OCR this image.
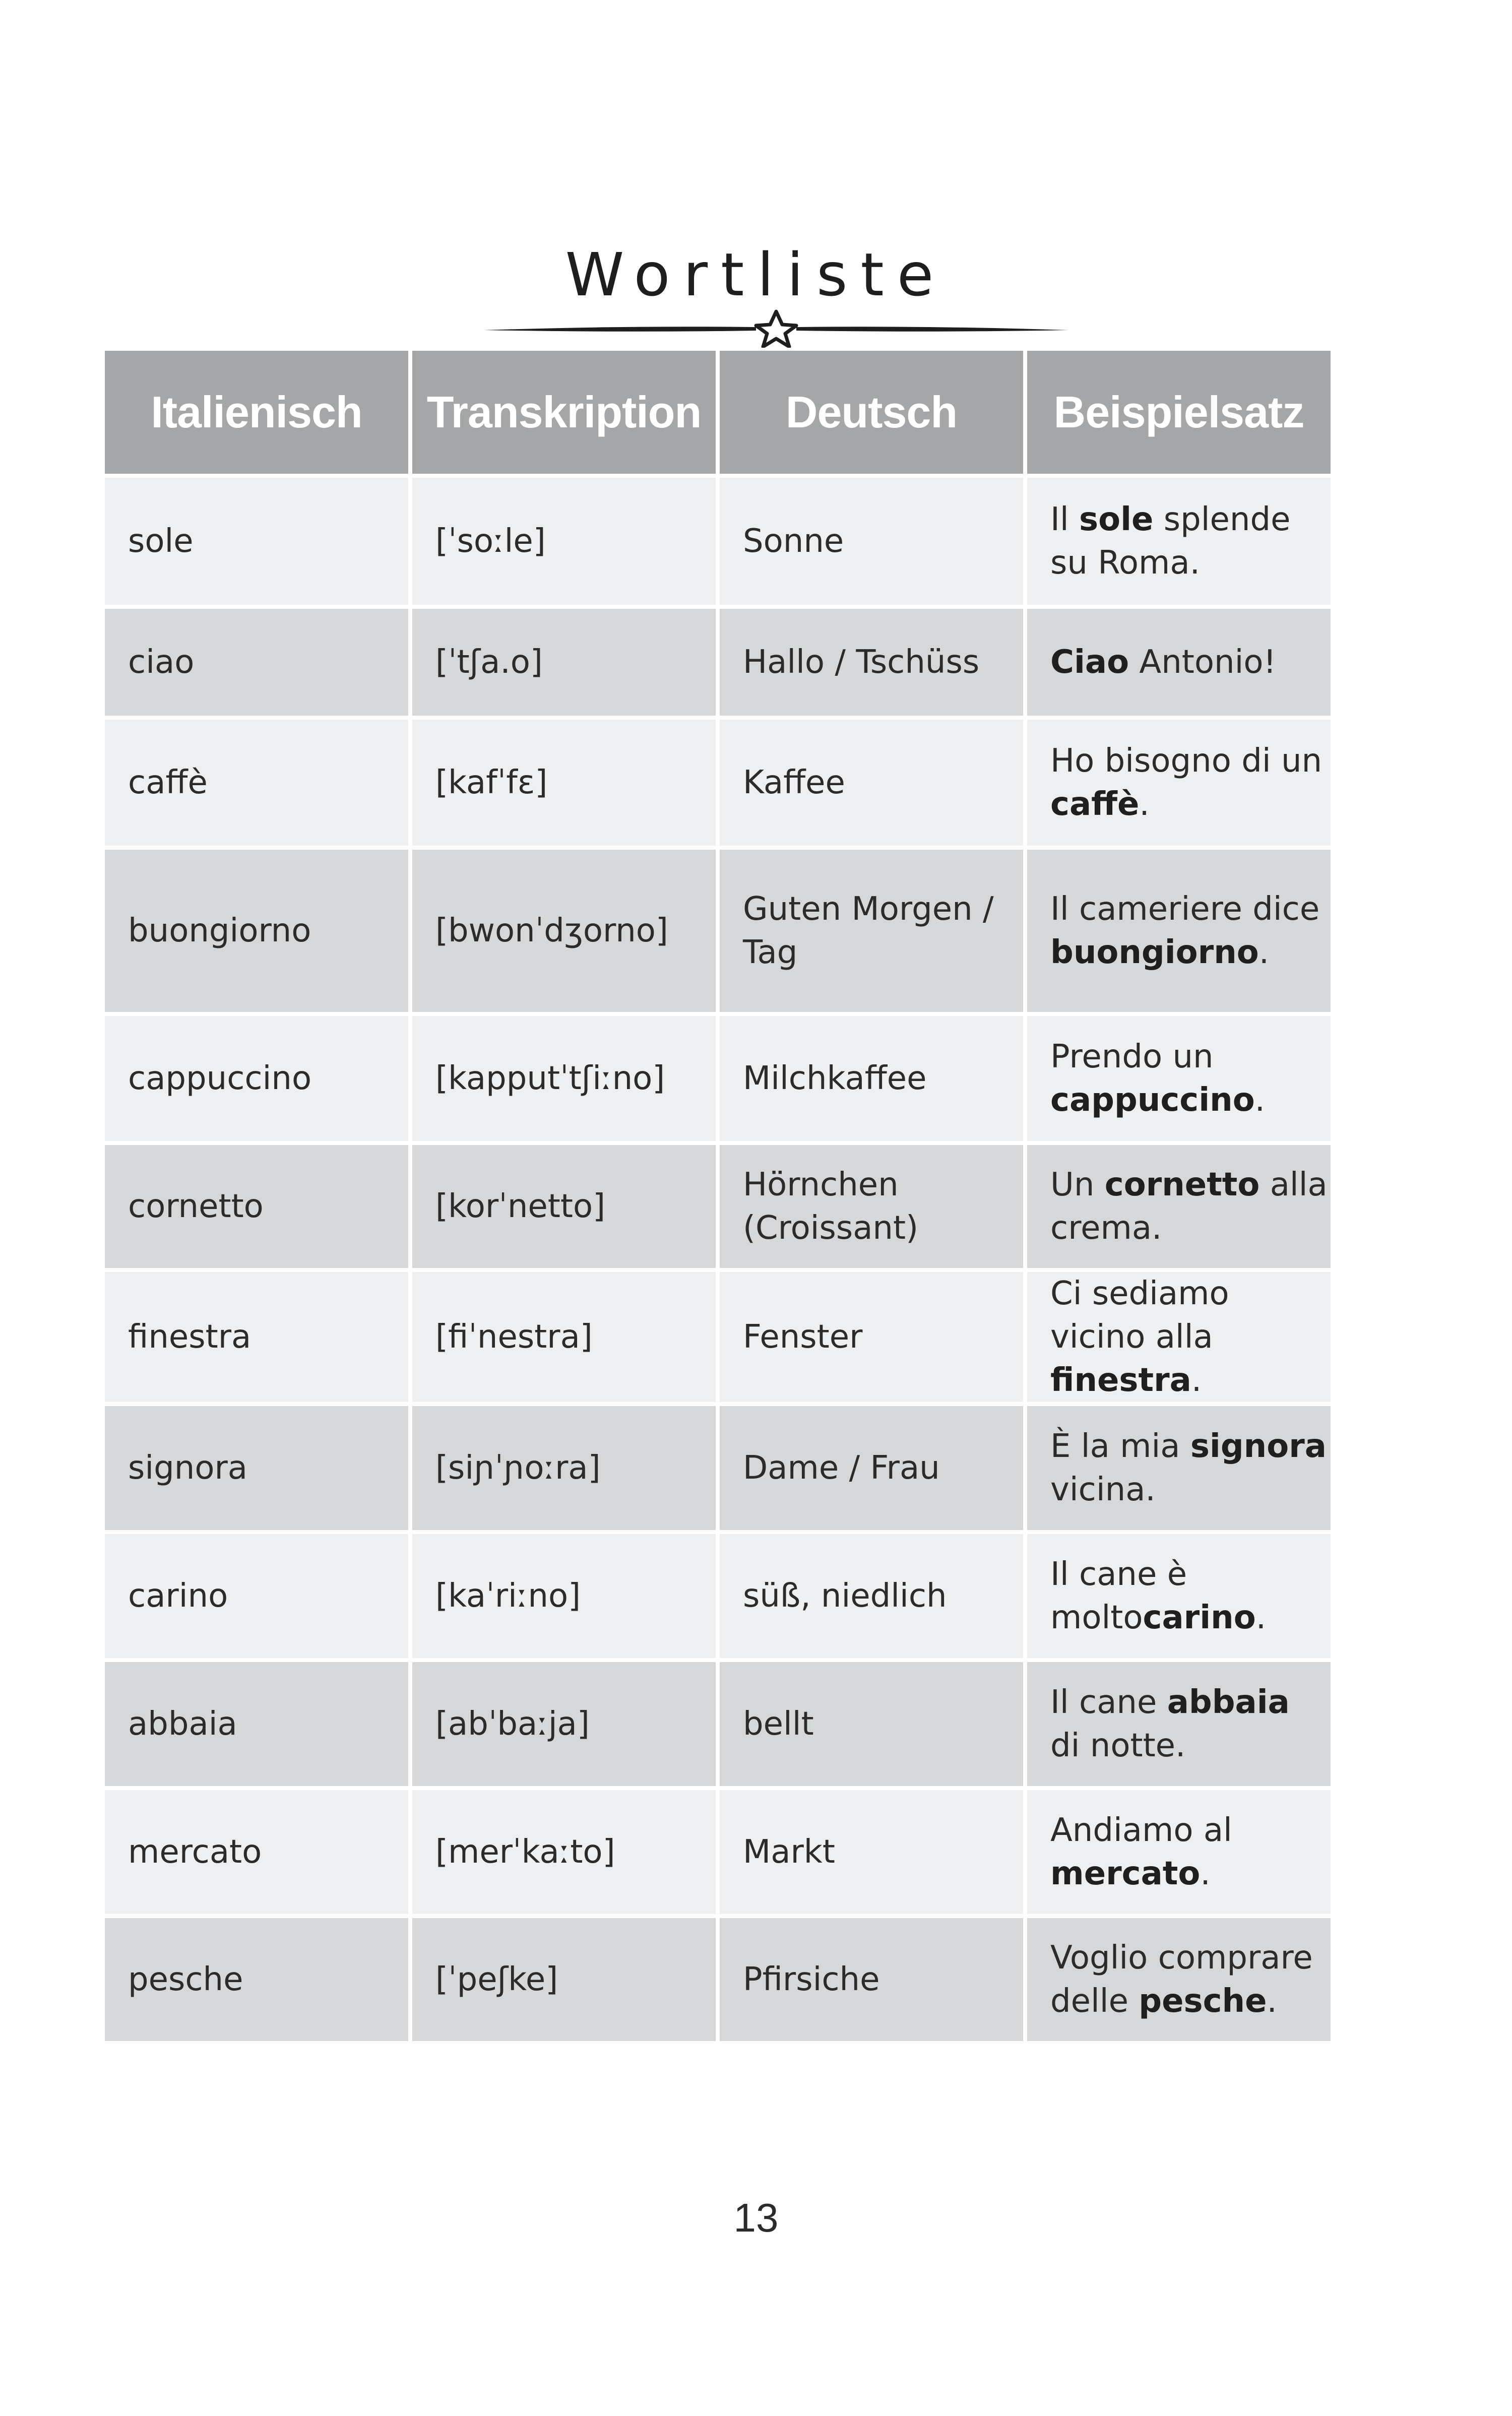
Wortliste
Italienisch	Transkription	Deutsch	Beispielsatz
sole	[ˈsoːle]	Sonne	Il sole splende su Roma.
ciao	[ˈtʃa.o]	Hallo / Tschüss	Ciao Antonio!
caffè	[kafˈfɛ]	Kaffee	Ho bisogno di un caffè.
buongiorno	[bwonˈdʒorno]	Guten Morgen / Tag	Il cameriere dice buongiorno.
cappuccino	[kapputˈtʃiːno]	Milchkaffee	Prendo un cappuccino.
cornetto	[korˈnetto]	Hörnchen (Croissant)	Un cornetto alla crema.
finestra	[fiˈnestra]	Fenster	Ci sediamo vicino alla finestra.
signora	[siɲˈɲoːra]	Dame / Frau	È la mia signora vicina.
carino	[kaˈriːno]	süß, niedlich	Il cane è moltocarino.
abbaia	[abˈbaːja]	bellt	Il cane abbaia di notte.
mercato	[merˈkaːto]	Markt	Andiamo al mercato.
pesche	[ˈpeʃke]	Pfirsiche	Voglio comprare delle pesche.
13
